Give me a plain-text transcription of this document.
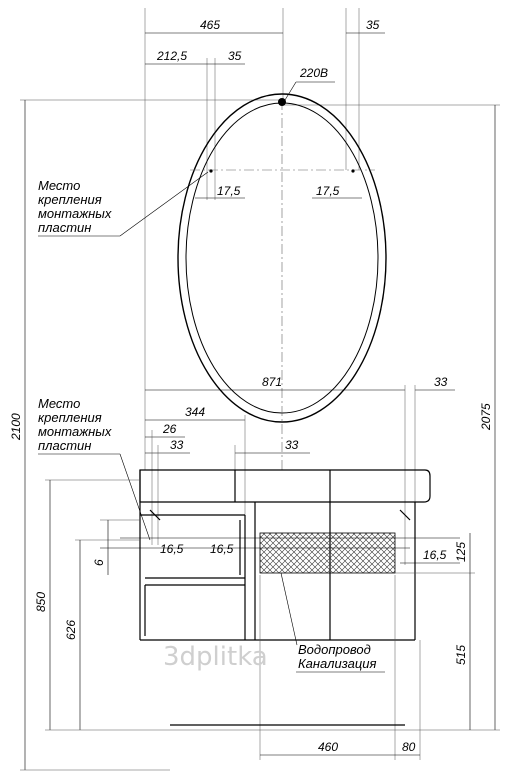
465	35
212,5	35
2100	2075
220В
17,5	17,5
Место
крепления
монтажных
пластин
871	33
344
26
33	33
Место
крепления
монтажных
пластин
16,5 16,5	16,5
Водопровод
Канализация
850
626
6
125
515
460	80
3dplitka
